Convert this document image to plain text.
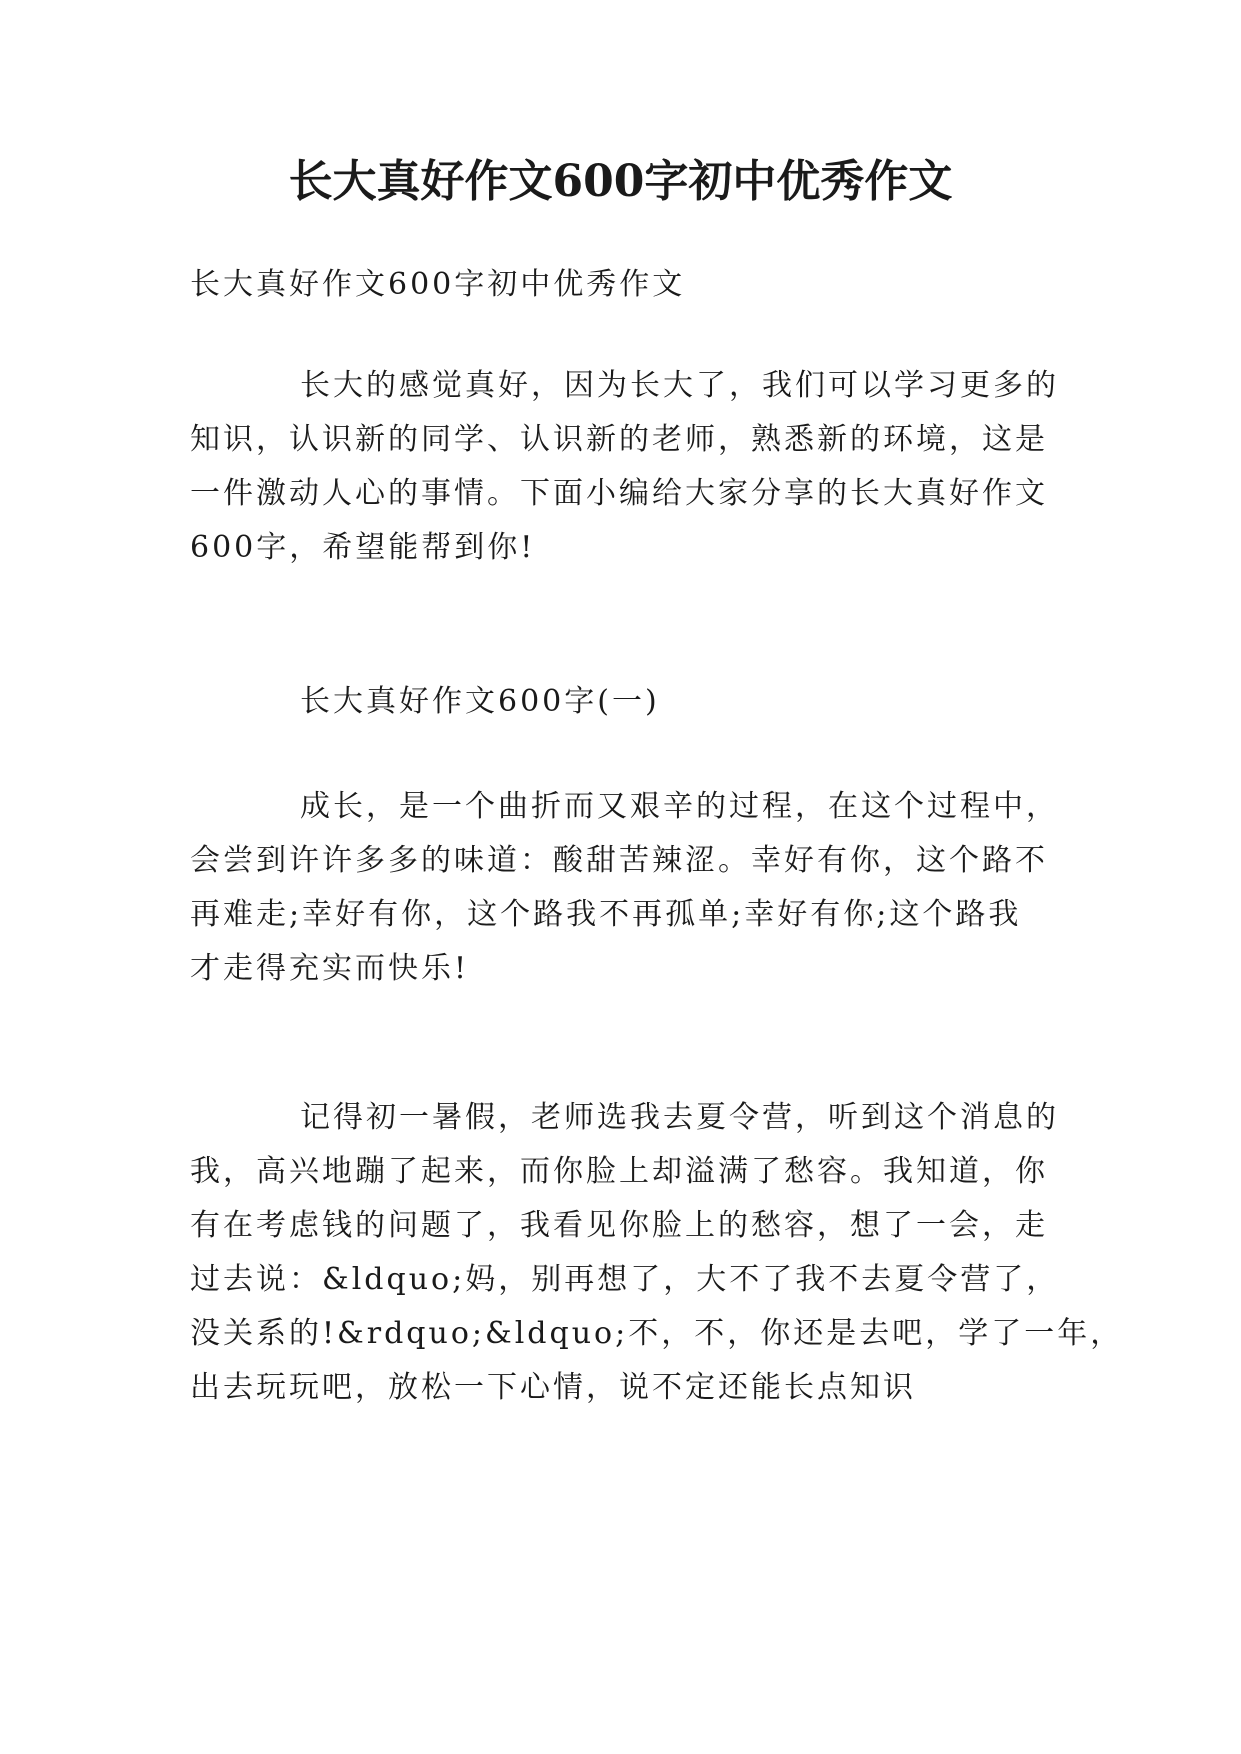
长大真好作文600字初中优秀作文
长大真好作文600字初中优秀作文
长大的感觉真好，因为长大了，我们可以学习更多的
知识，认识新的同学、认识新的老师，熟悉新的环境，这是
一件激动人心的事情。下面小编给大家分享的长大真好作文
600字，希望能帮到你!
长大真好作文600字(一)
成长，是一个曲折而又艰辛的过程，在这个过程中，
会尝到许许多多的味道：酸甜苦辣涩。幸好有你，这个路不
再难走;幸好有你，这个路我不再孤单;幸好有你;这个路我
才走得充实而快乐!
记得初一暑假，老师选我去夏令营，听到这个消息的
我，高兴地蹦了起来，而你脸上却溢满了愁容。我知道，你
有在考虑钱的问题了，我看见你脸上的愁容，想了一会，走
过去说：&ldquo;妈，别再想了，大不了我不去夏令营了，
没关系的!&rdquo;&ldquo;不，不，你还是去吧，学了一年，
出去玩玩吧，放松一下心情，说不定还能长点知识
